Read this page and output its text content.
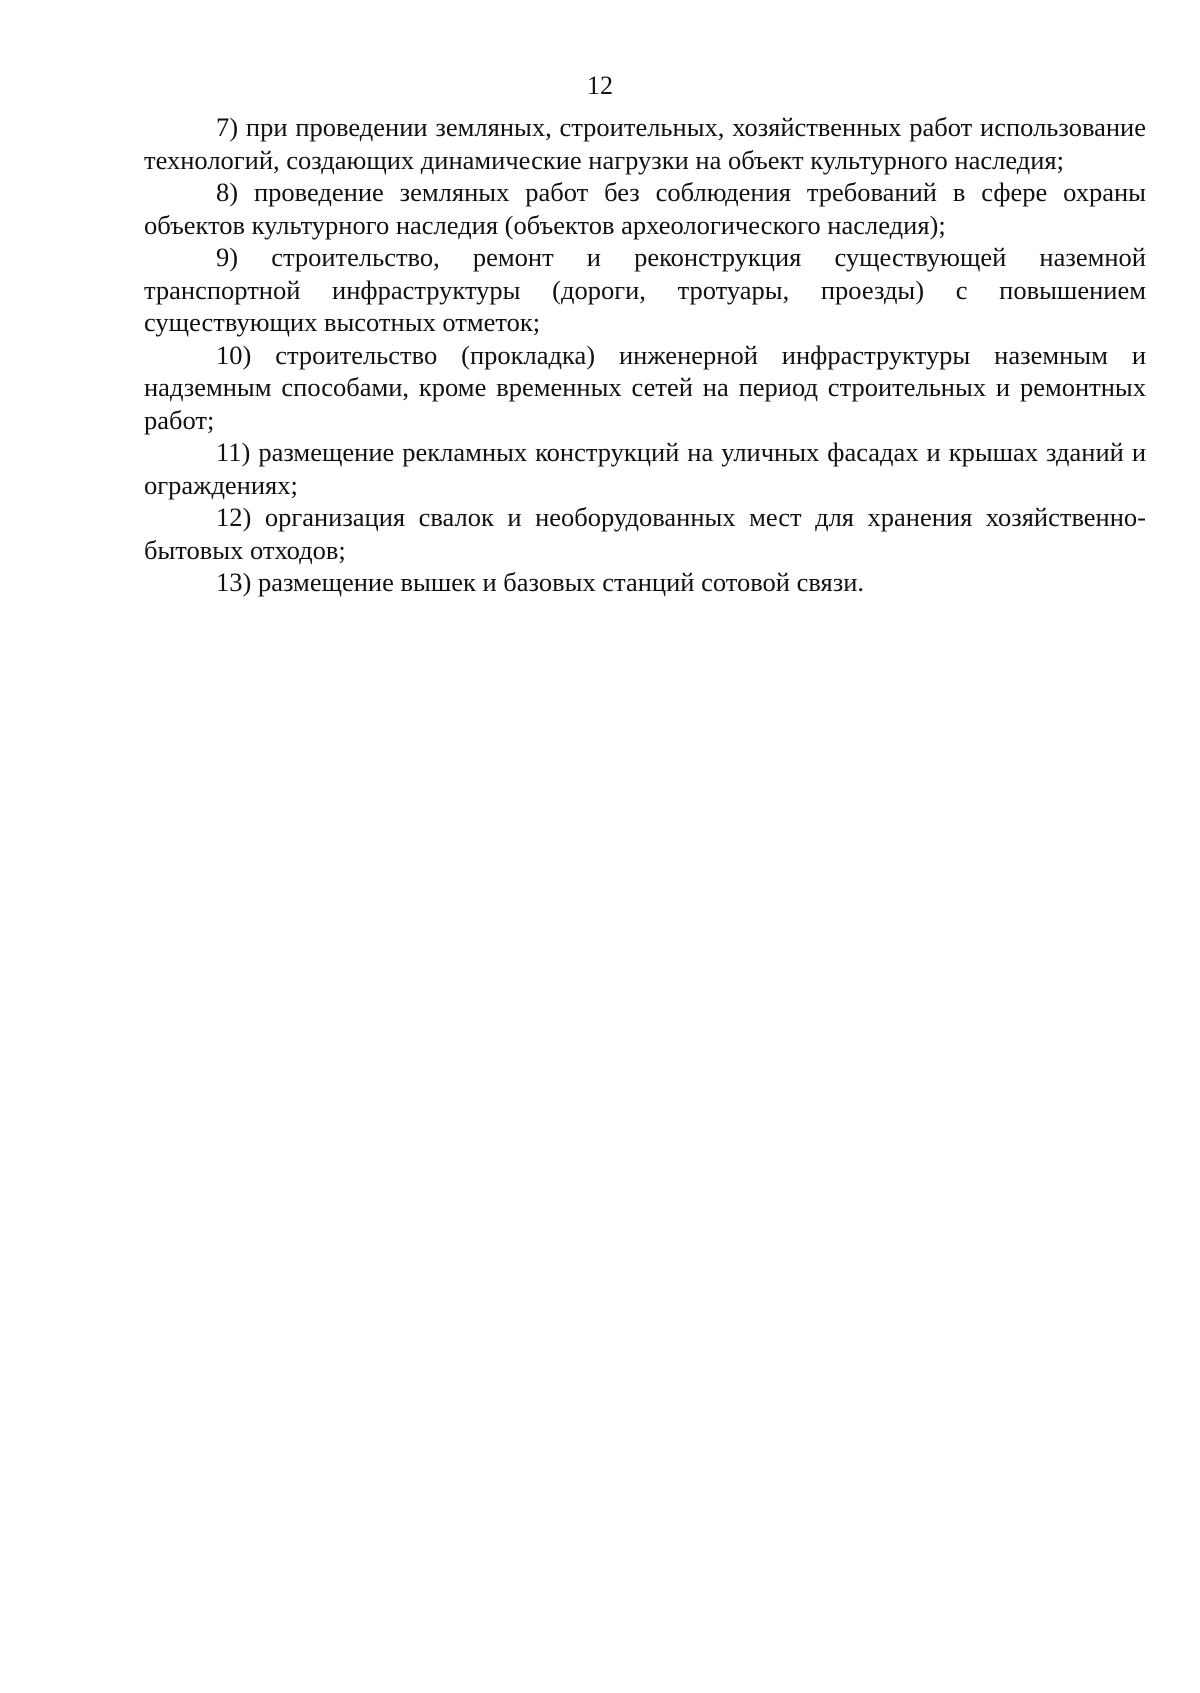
12

7) при проведении земляных, строительных, хозяйственных работ использование технологий, создающих динамические нагрузки на объект культурного наследия;

8) проведение земляных работ без соблюдения требований в сфере охраны объектов культурного наследия (объектов археологического наследия);

9) строительство, ремонт и реконструкция существующей наземной транспортной инфраструктуры (дороги, тротуары, проезды) с повышением существующих высотных отметок;

10) строительство (прокладка) инженерной инфраструктуры наземным и надземным способами, кроме временных сетей на период строительных и ремонтных работ;

11) размещение рекламных конструкций на уличных фасадах и крышах зданий и ограждениях;

12) организация свалок и необорудованных мест для хранения хозяйственно-бытовых отходов;

13) размещение вышек и базовых станций сотовой связи.
